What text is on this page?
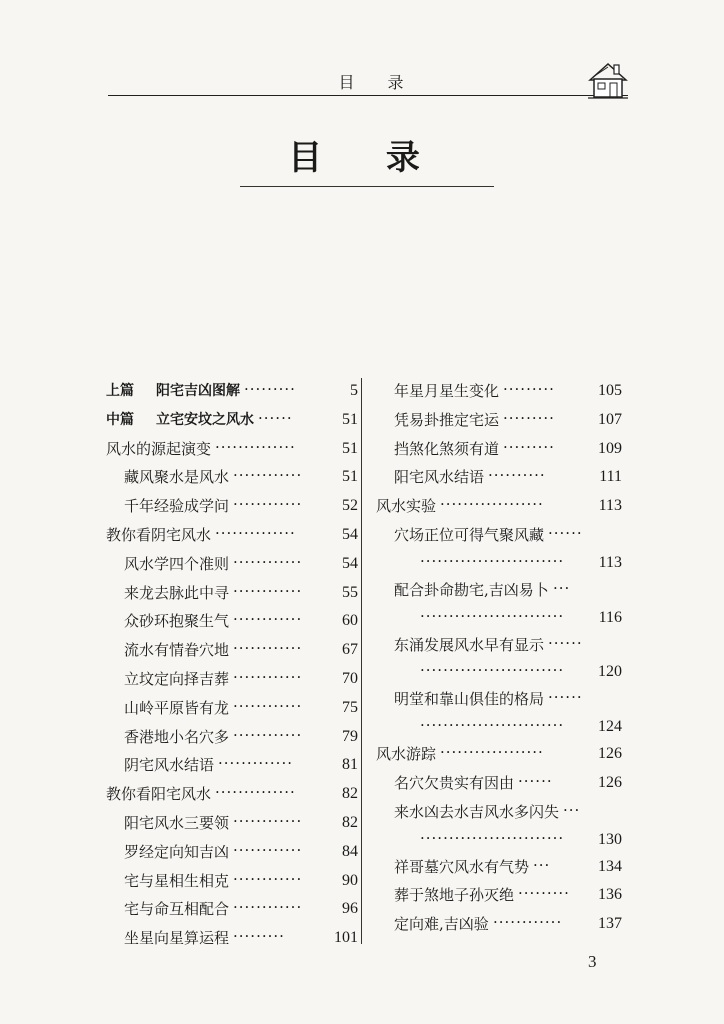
目 录
目 录
上篇 阳宅吉凶图解 ·········	5
中篇 立宅安坟之风水 ······	51
风水的源起演变 ··············	51
藏风聚水是风水 ············ 51
千年经验成学问 ············ 52
教你看阴宅风水 ··············	54
风水学四个准则 ············ 54
来龙去脉此中寻 ············ 55
众砂环抱聚生气 ············ 60
流水有情眷穴地 ············ 67
立坟定向择吉葬 ············ 70
山岭平原皆有龙 ············ 75
香港地小名穴多 ············ 79
阴宅风水结语 ·············	81
教你看阳宅风水 ··············	82
阳宅风水三要领 ············ 82
罗经定向知吉凶 ············ 84
宅与星相生相克 ············ 90
宅与命互相配合 ············ 96
坐星向星算运程 ·········	101
年星月星生变化 ·········	105
凭易卦推定宅运 ·········	107
挡煞化煞须有道 ·········	109
阳宅风水结语 ··········	111
风水实验 ··················	113
穴场正位可得气聚风藏 ······
························· 113
配合卦命勘宅,吉凶易卜 ···
························· 116
东涌发展风水早有显示 ······
························· 120
明堂和靠山俱佳的格局 ······
························· 124
风水游踪 ··················	126
名穴欠贵实有因由 ······	126
来水凶去水吉风水多闪失 ···
························· 130
祥哥墓穴风水有气势 ···	134
葬于煞地子孙灭绝 ········· 136
定向难,吉凶验 ············ 137
3
